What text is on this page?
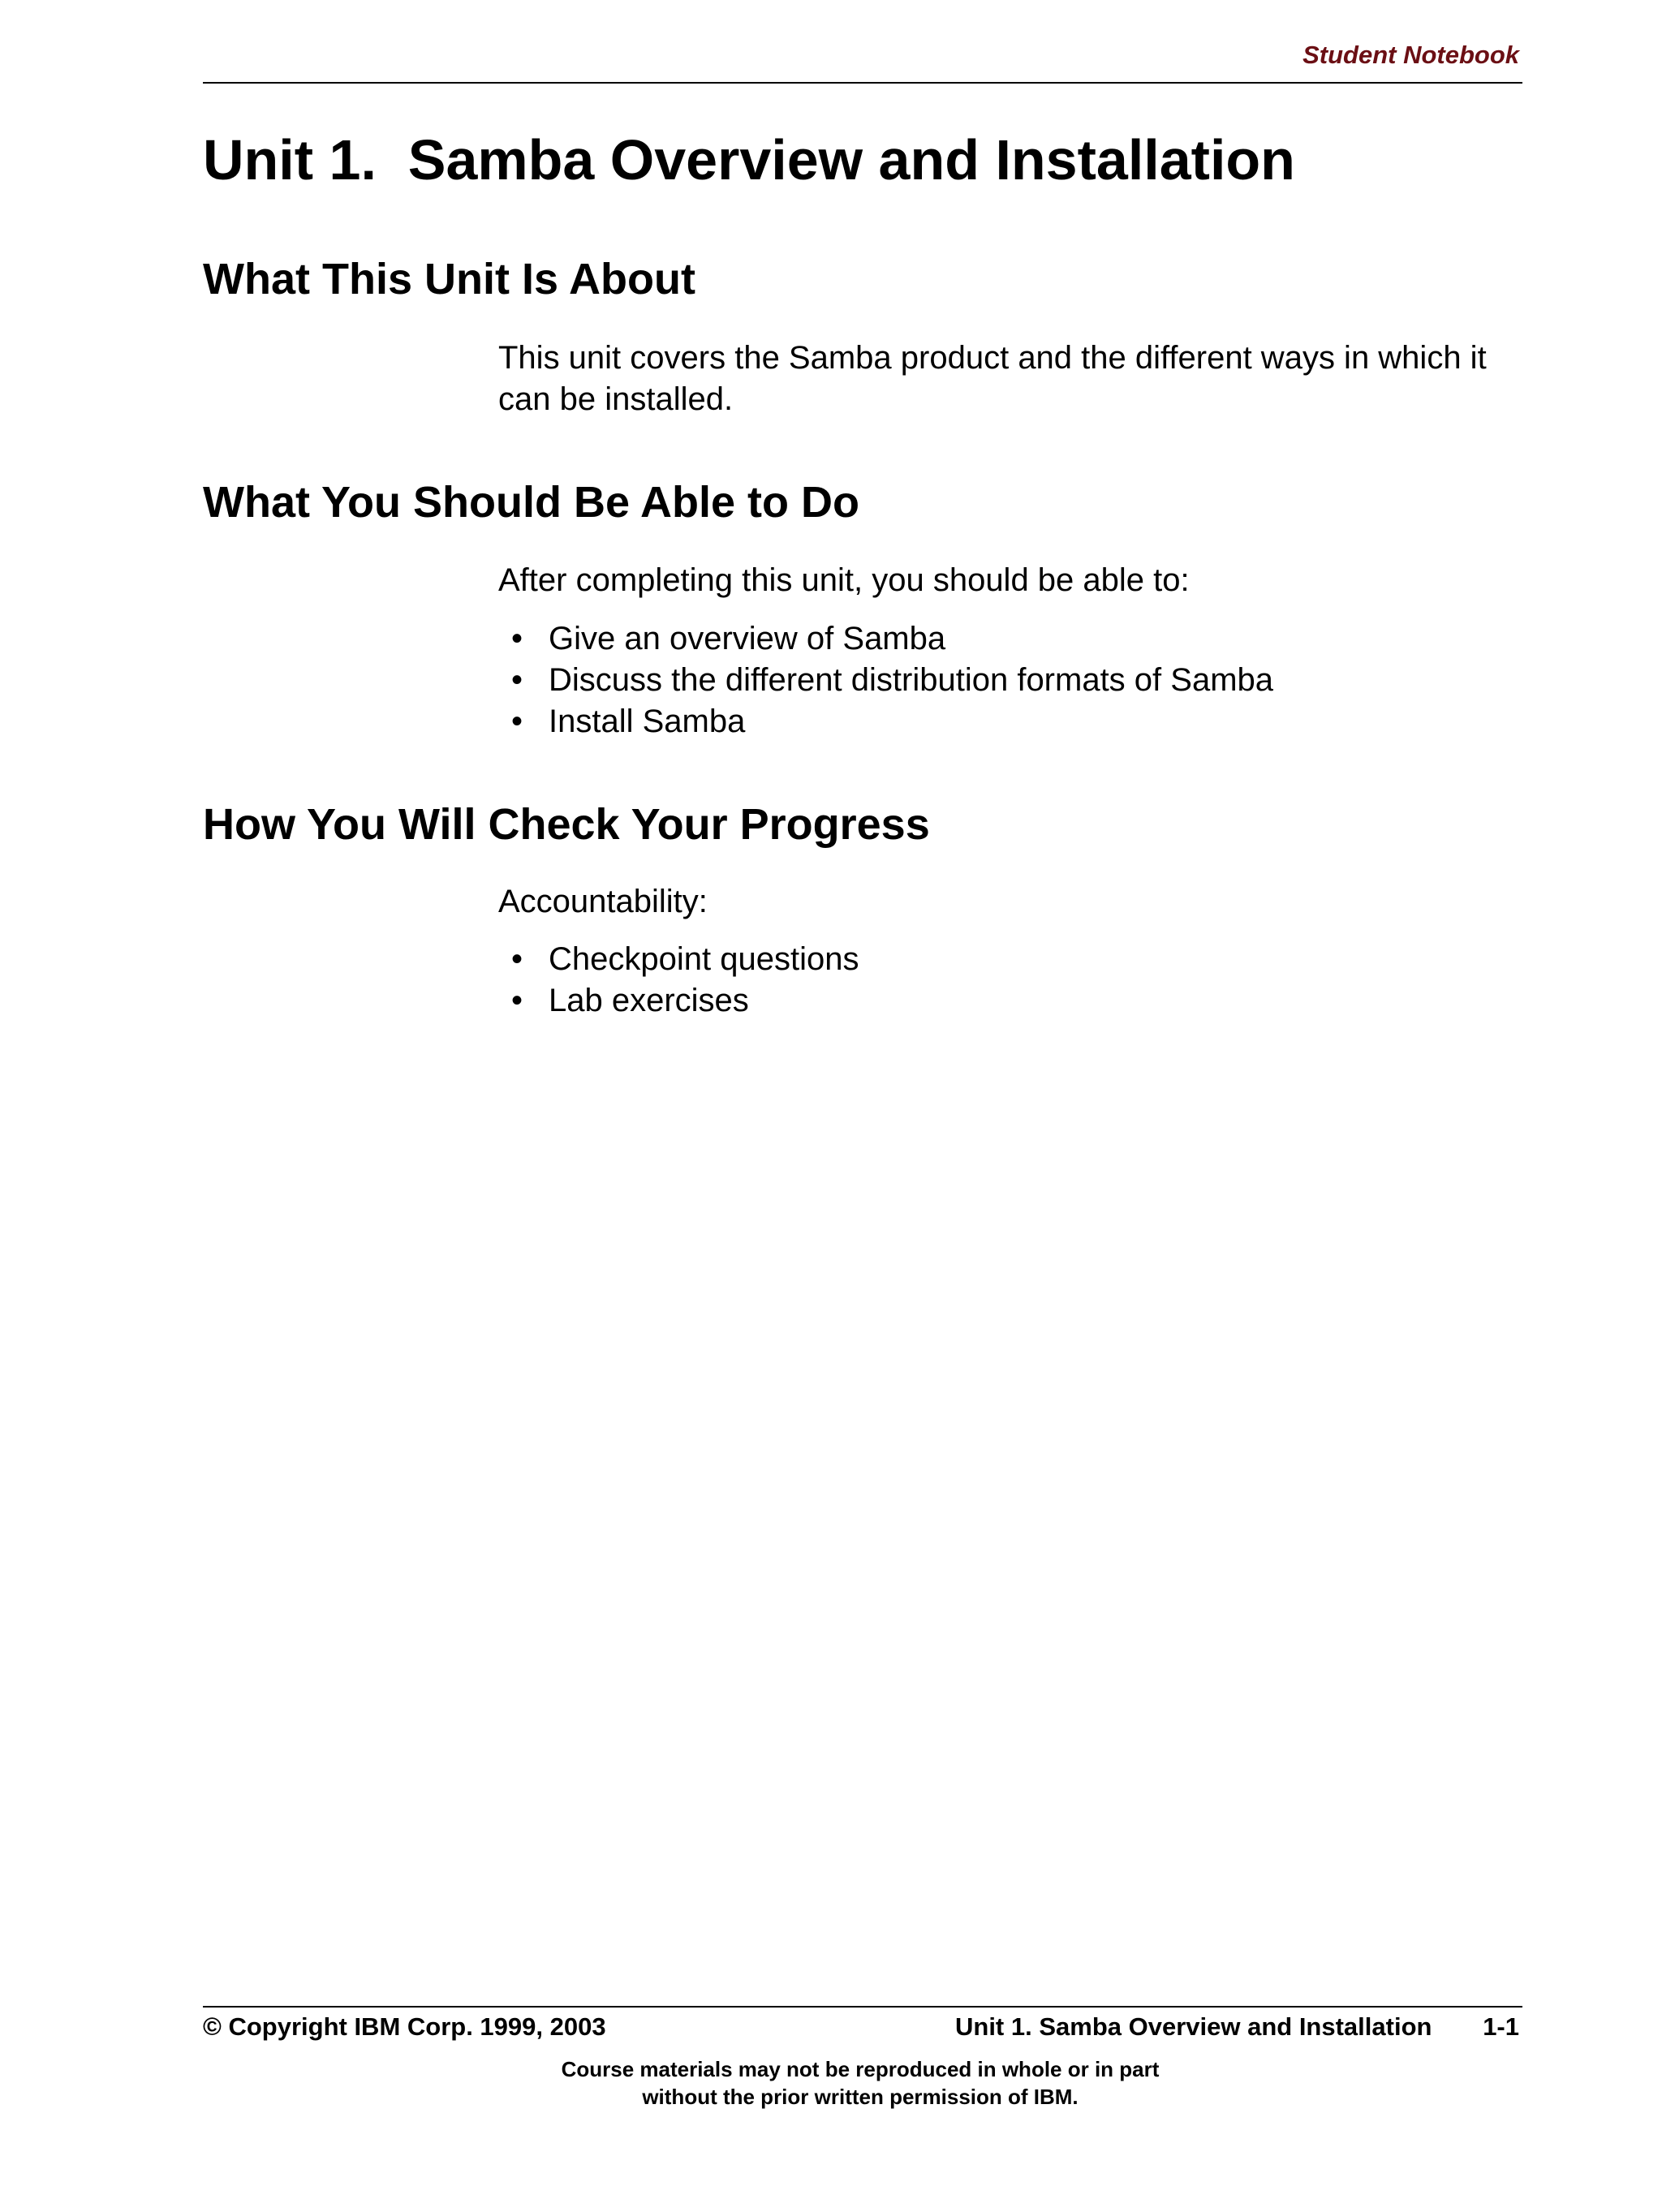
Student Notebook
Unit 1.  Samba Overview and Installation
What This Unit Is About
This unit covers the Samba product and the different ways in which it can be installed.
What You Should Be Able to Do
After completing this unit, you should be able to:
• Give an overview of Samba
• Discuss the different distribution formats of Samba
• Install Samba
How You Will Check Your Progress
Accountability:
• Checkpoint questions
• Lab exercises
© Copyright IBM Corp. 1999, 2003	Unit 1. Samba Overview and Installation 1-1
Course materials may not be reproduced in whole or in part
without the prior written permission of IBM.
